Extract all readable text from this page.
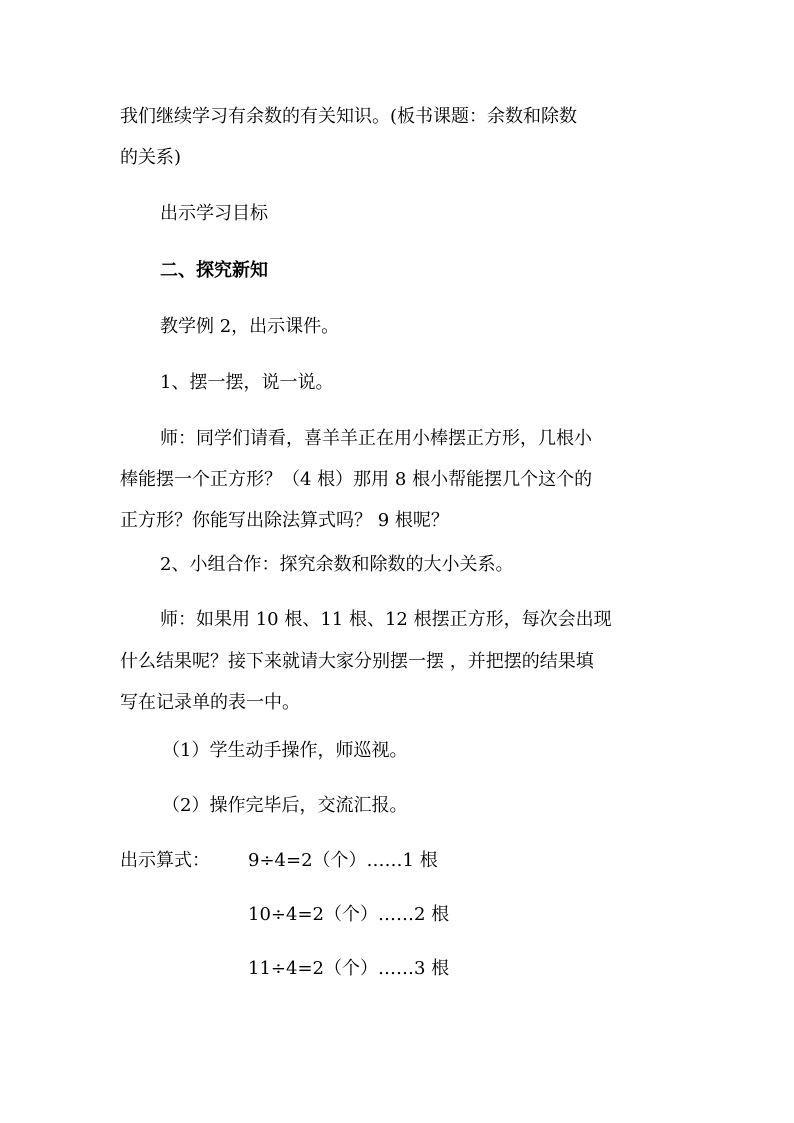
我们继续学习有余数的有关知识。(板书课题：余数和除数
的关系)
出示学习目标
二、探究新知
教学例 2，出示课件。
1、摆一摆，说一说。
师：同学们请看，喜羊羊正在用小棒摆正方形，几根小
棒能摆一个正方形？（4 根）那用 8 根小帮能摆几个这个的
正方形？你能写出除法算式吗？ 9 根呢？
2、小组合作：探究余数和除数的大小关系。
师：如果用 10 根、11 根、12 根摆正方形，每次会出现
什么结果呢？接下来就请大家分别摆一摆 ，并把摆的结果填
写在记录单的表一中。
（1）学生动手操作，师巡视。
（2）操作完毕后，交流汇报。
出示算式：	9÷4=2（个）……1 根
10÷4=2（个）……2 根
11÷4=2（个）……3 根
